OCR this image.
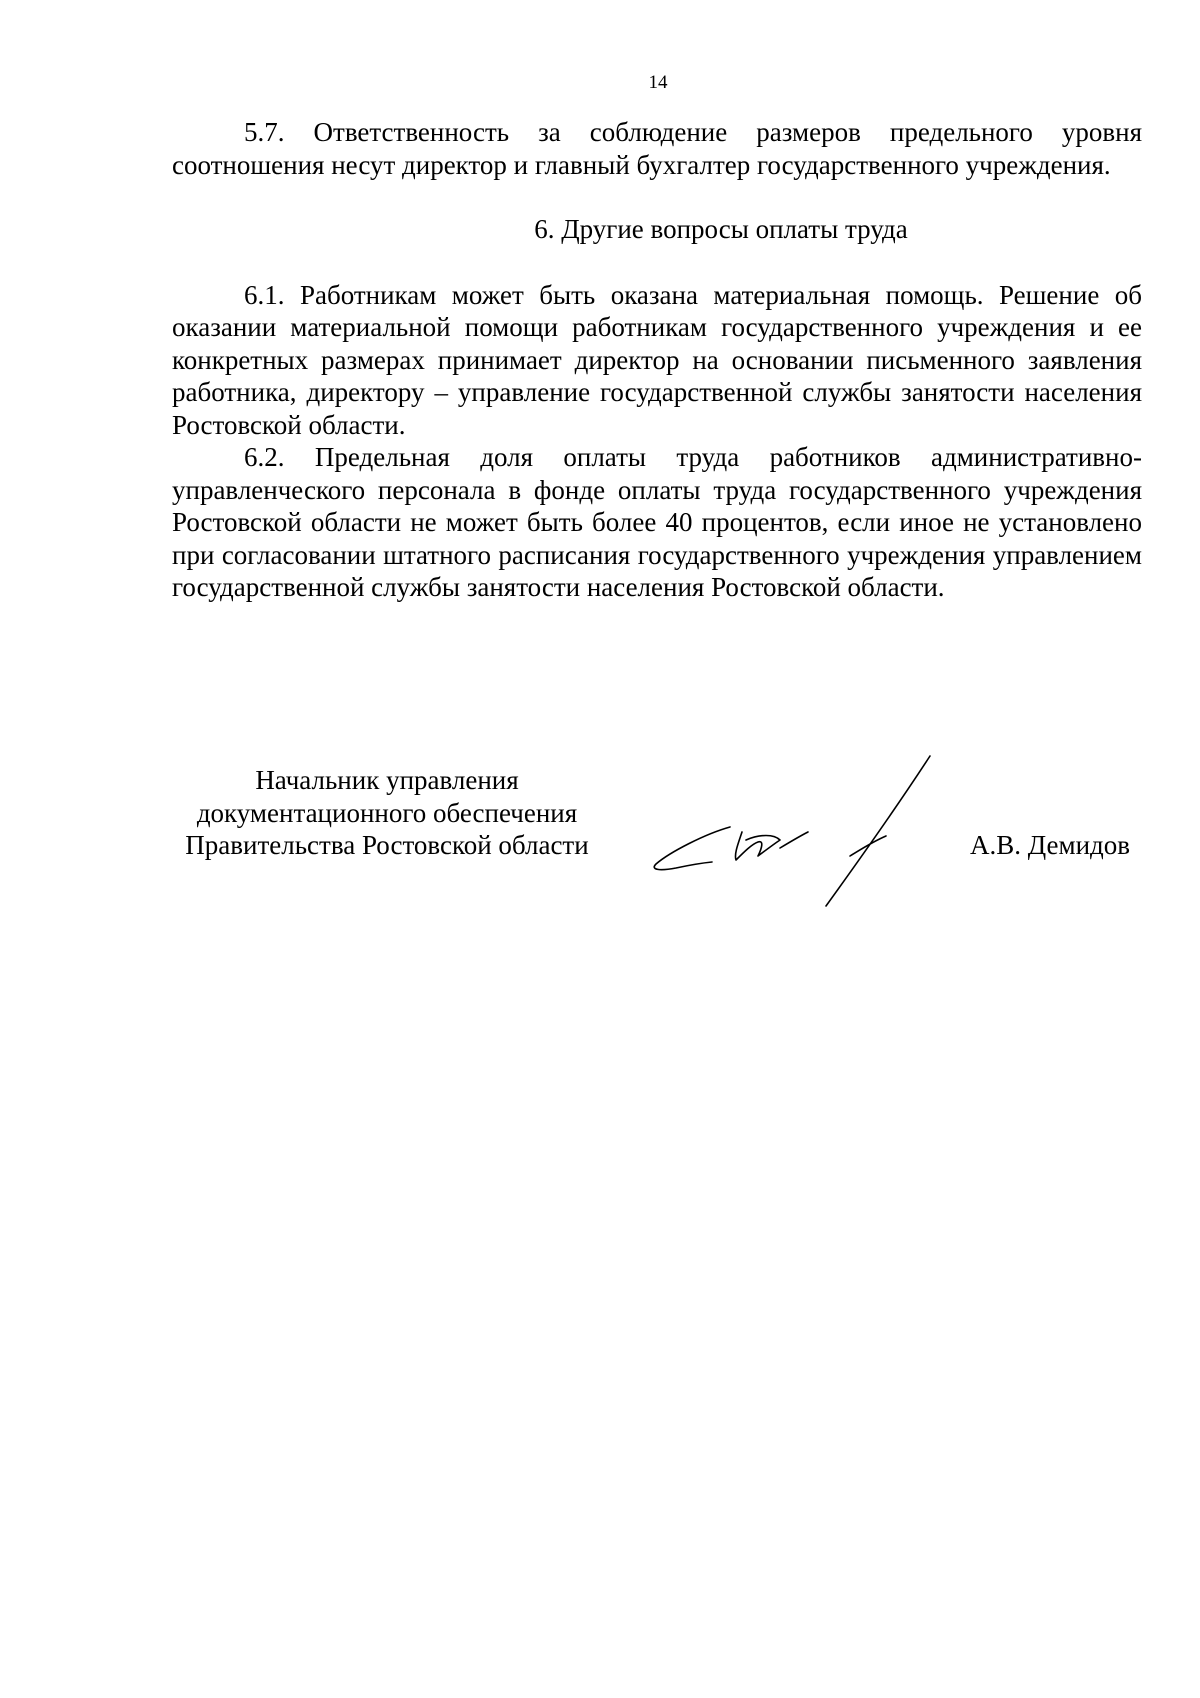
14

5.7. Ответственность за соблюдение размеров предельного уровня соотношения несут директор и главный бухгалтер государственного учреждения.

6. Другие вопросы оплаты труда

6.1. Работникам может быть оказана материальная помощь. Решение об оказании материальной помощи работникам государственного учреждения и ее конкретных размерах принимает директор на основании письменного заявления работника, директору – управление государственной службы занятости населения Ростовской области.

6.2. Предельная доля оплаты труда работников административно-управленческого персонала в фонде оплаты труда государственного учреждения Ростовской области не может быть более 40 процентов, если иное не установлено при согласовании штатного расписания государственного учреждения управлением государственной службы занятости населения Ростовской области.

Начальник управления
документационного обеспечения
Правительства Ростовской области	А.В. Демидов
